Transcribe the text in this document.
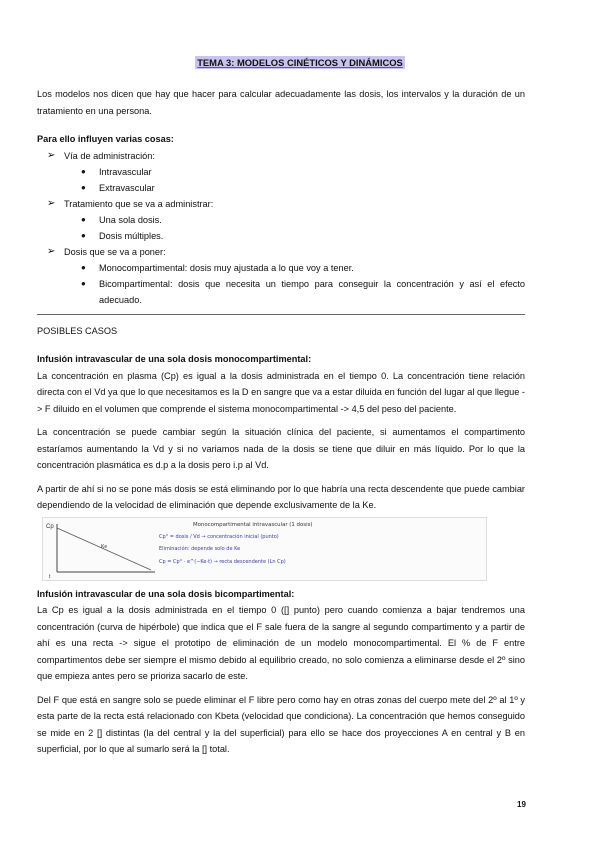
TEMA 3: MODELOS CINÉTICOS Y DINÁMICOS

Los modelos nos dicen que hay que hacer para calcular adecuadamente las dosis, los intervalos y la duración de un tratamiento en una persona.

Para ello influyen varias cosas:

➢ Vía de administración:
● Intravascular
● Extravascular
➢ Tratamiento que se va a administrar:
● Una sola dosis.
● Dosis múltiples.
➢ Dosis que se va a poner:
● Monocompartimental: dosis muy ajustada a lo que voy a tener.
● Bicompartimental: dosis que necesita un tiempo para conseguir la concentración y así el efecto adecuado.

POSIBLES CASOS

Infusión intravascular de una sola dosis monocompartimental:

La concentración en plasma (Cp) es igual a la dosis administrada en el tiempo 0. La concentración tiene relación directa con el Vd ya que lo que necesitamos es la D en sangre que va a estar diluida en función del lugar al que llegue -> F diluido en el volumen que comprende el sistema monocompartimental -> 4,5 del peso del paciente.

La concentración se puede cambiar según la situación clínica del paciente, si aumentamos el compartimento estaríamos aumentando la Vd y si no variamos nada de la dosis se tiene que diluir en más líquido. Por lo que la concentración plasmática es d.p a la dosis pero i.p al Vd.

A partir de ahí si no se pone más dosis se está eliminando por lo que habría una recta descendente que puede cambiar dependiendo de la velocidad de eliminación que depende exclusivamente de la Ke.

Cp
t
Ke
Monocompartimental intravascular (1 dosis)
Cp° = dosis / Vd → concentración inicial (punto)
Eliminación: depende solo de Ke
Cp = Cp° · e^(−Ke·t) → recta descendente (Ln Cp)

Infusión intravascular de una sola dosis bicompartimental:

La Cp es igual a la dosis administrada en el tiempo 0 ([] punto) pero cuando comienza a bajar tendremos una concentración (curva de hipérbole) que indica que el F sale fuera de la sangre al segundo compartimento y a partir de ahí es una recta -> sigue el prototipo de eliminación de un modelo monocompartimental. El % de F entre compartimentos debe ser siempre el mismo debido al equilibrio creado, no solo comienza a eliminarse desde el 2º sino que empieza antes pero se prioriza sacarlo de este.

Del F que está en sangre solo se puede eliminar el F libre pero como hay en otras zonas del cuerpo mete del 2º al 1º y esta parte de la recta está relacionado con Kbeta (velocidad que condiciona). La concentración que hemos conseguido se mide en 2 [] distintas (la del central y la del superficial) para ello se hace dos proyecciones A en central y B en superficial, por lo que al sumarlo será la [] total.

19
